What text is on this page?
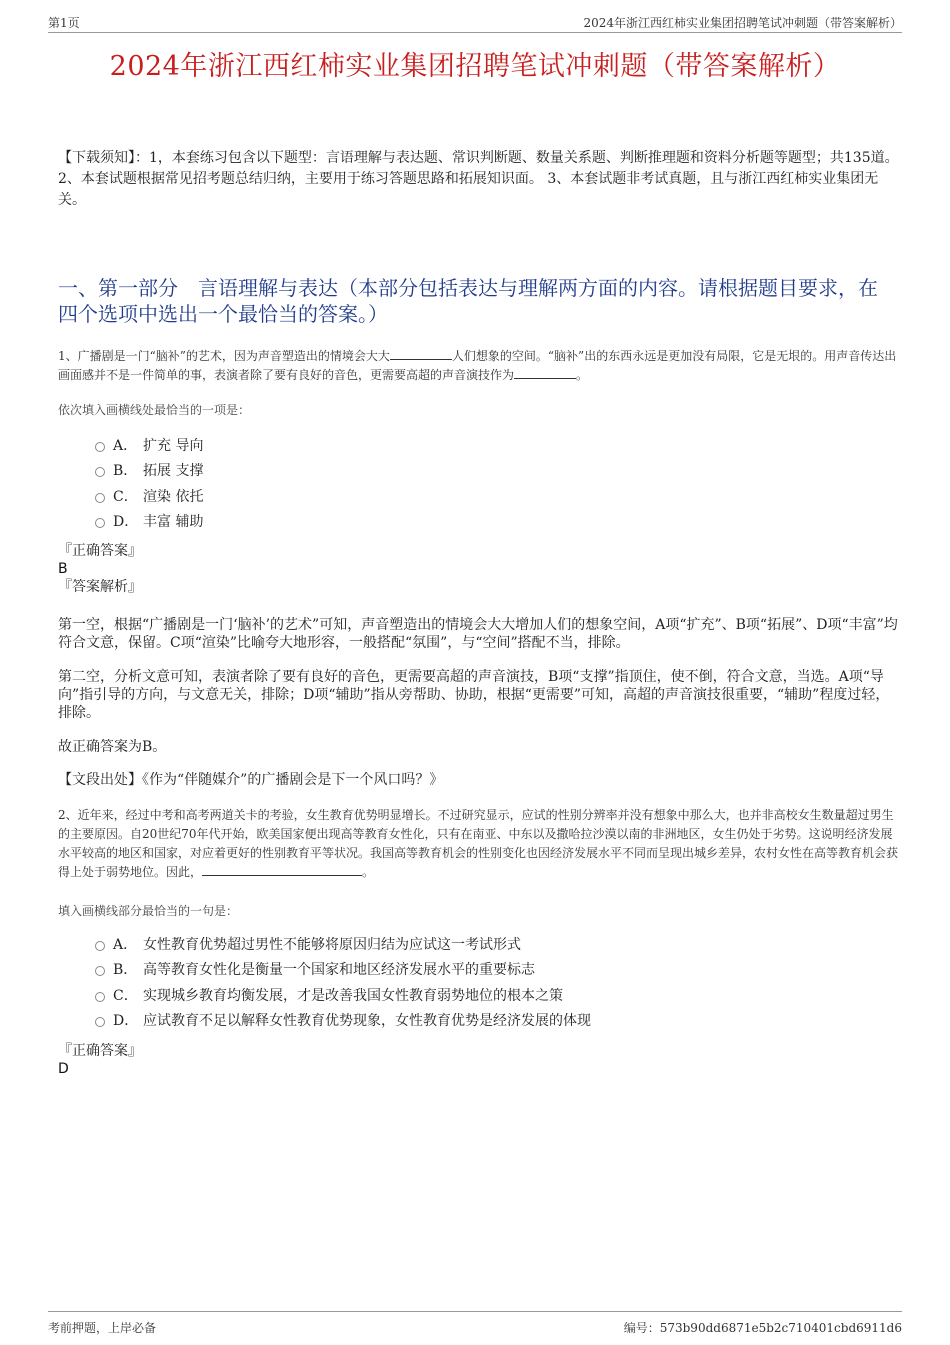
第1页	2024年浙江西红柿实业集团招聘笔试冲刺题（带答案解析）
2024年浙江西红柿实业集团招聘笔试冲刺题（带答案解析）

【下载须知】：1，本套练习包含以下题型：言语理解与表达题、常识判断题、数量关系题、判断推理题和资料分析题等题型；共135道。 2、本套试题根据常见招考题总结归纳，主要用于练习答题思路和拓展知识面。 3、本套试题非考试真题，且与浙江西红柿实业集团无关。

一、第一部分　言语理解与表达（本部分包括表达与理解两方面的内容。请根据题目要求，在四个选项中选出一个最恰当的答案。）

1、广播剧是一门“脑补”的艺术，因为声音塑造出的情境会大大	人们想象的空间。“脑补”出的东西永远是更加没有局限，它是无垠的。用声音传达出画面感并不是一件简单的事，表演者除了要有良好的音色，更需要高超的声音演技作为	。

依次填入画横线处最恰当的一项是：

A． 扩充 导向
B． 拓展 支撑
C． 渲染 依托
D． 丰富 辅助

『正确答案』

B

『答案解析』

第一空，根据“广播剧是一门‘脑补’的艺术”可知，声音塑造出的情境会大大增加人们的想象空间，A项“扩充”、B项“拓展”、D项“丰富”均符合文意，保留。C项“渲染”比喻夸大地形容，一般搭配“氛围”，与“空间”搭配不当，排除。

第二空，分析文意可知，表演者除了要有良好的音色，更需要高超的声音演技，B项“支撑”指顶住，使不倒，符合文意，当选。A项“导向”指引导的方向，与文意无关，排除；D项“辅助”指从旁帮助、协助，根据“更需要”可知，高超的声音演技很重要，“辅助”程度过轻，排除。

故正确答案为B。

【文段出处】《作为“伴随媒介”的广播剧会是下一个风口吗？》

2、近年来，经过中考和高考两道关卡的考验，女生教育优势明显增长。不过研究显示，应试的性别分辨率并没有想象中那么大，也并非高校女生数量超过男生的主要原因。自20世纪70年代开始，欧美国家便出现高等教育女性化，只有在南亚、中东以及撒哈拉沙漠以南的非洲地区，女生仍处于劣势。这说明经济发展水平较高的地区和国家，对应着更好的性别教育平等状况。我国高等教育机会的性别变化也因经济发展水平不同而呈现出城乡差异，农村女性在高等教育机会获得上处于弱势地位。因此，	。

填入画横线部分最恰当的一句是：

A． 女性教育优势超过男性不能够将原因归结为应试这一考试形式
B． 高等教育女性化是衡量一个国家和地区经济发展水平的重要标志
C． 实现城乡教育均衡发展，才是改善我国女性教育弱势地位的根本之策
D． 应试教育不足以解释女性教育优势现象，女性教育优势是经济发展的体现

『正确答案』

D

考前押题，上岸必备	编号：573b90dd6871e5b2c710401cbd6911d6
